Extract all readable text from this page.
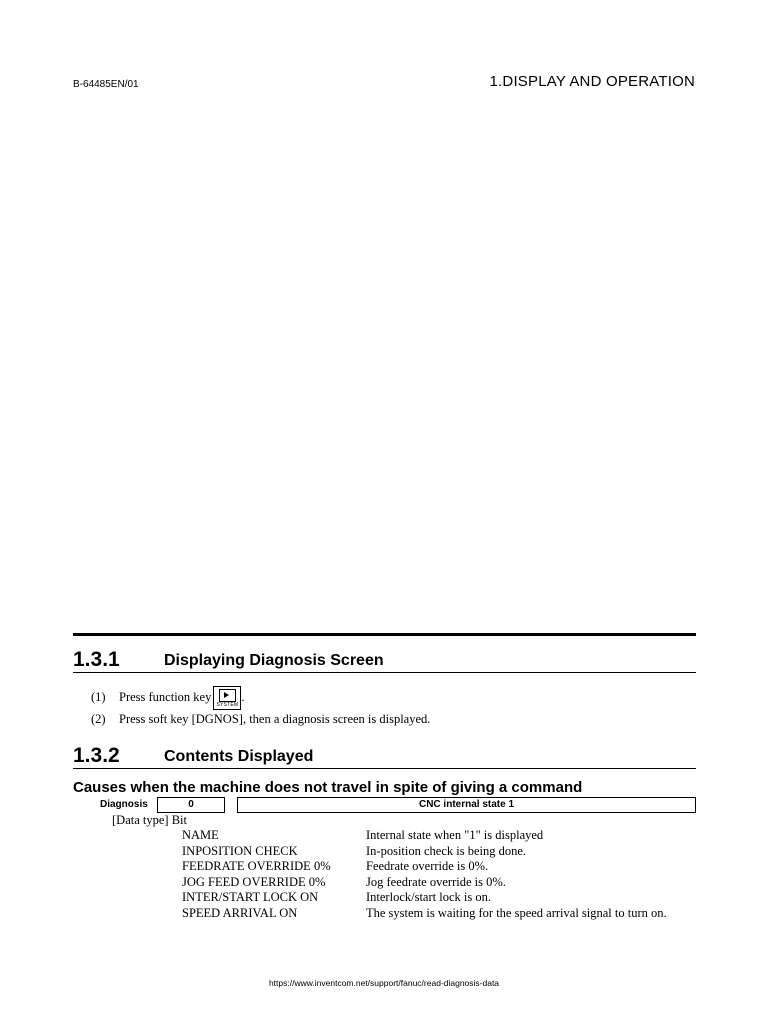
B-64485EN/01	1.DISPLAY AND OPERATION
1.3.1	Displaying Diagnosis Screen
(1) Press function key
SYSTEM
.
(2) Press soft key [DGNOS], then a diagnosis screen is displayed.
1.3.2	Contents Displayed
Causes when the machine does not travel in spite of giving a command
Diagnosis	0	CNC internal state 1
[Data type] Bit
NAME	Internal state when "1" is displayed
INPOSITION CHECK	In-position check is being done.
FEEDRATE OVERRIDE 0%	Feedrate override is 0%.
JOG FEED OVERRIDE 0%	Jog feedrate override is 0%.
INTER/START LOCK ON	Interlock/start lock is on.
SPEED ARRIVAL ON	The system is waiting for the speed arrival signal to turn on.
https://www.inventcom.net/support/fanuc/read-diagnosis-data
